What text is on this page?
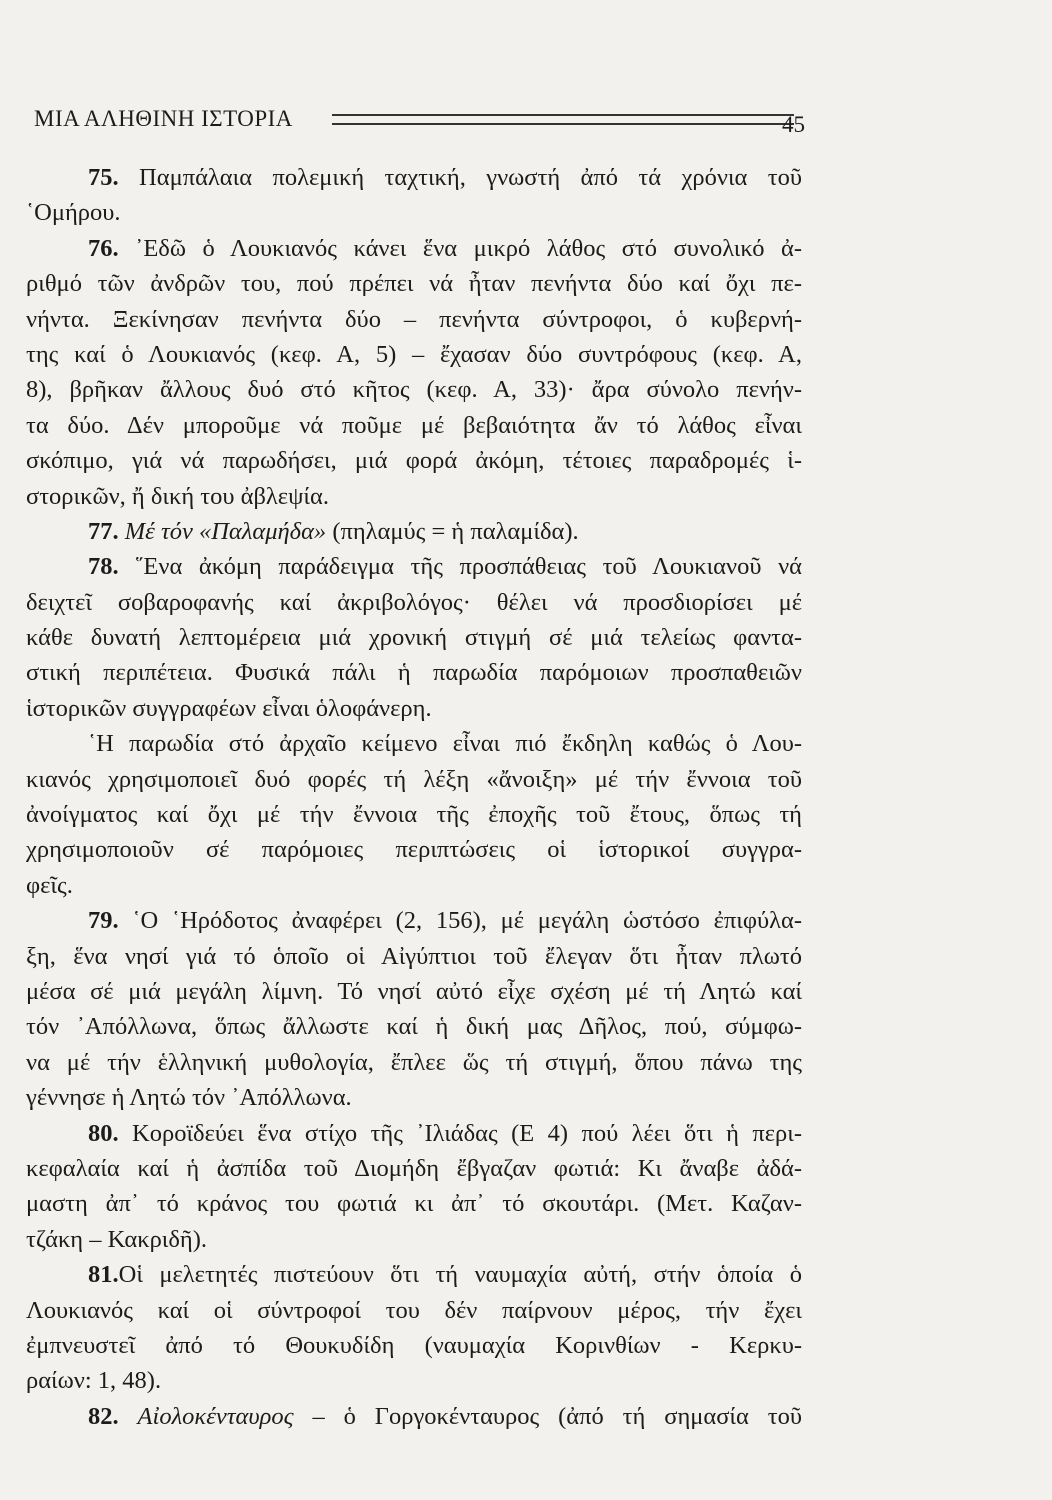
ΜΙΑ ΑΛΗΘΙΝΗ ΙΣΤΟΡΙΑ	45
75. Παμπάλαια πολεμική ταχτική, γνωστή ἀπό τά χρόνια τοῦ
῾Ομήρου.
76. ᾿Εδῶ ὁ Λουκιανός κάνει ἕνα μικρό λάθος στό συνολικό ἀ-
ριθμό τῶν ἀνδρῶν του, πού πρέπει νά ἦταν πενήντα δύο καί ὄχι πε-
νήντα. Ξεκίνησαν πενήντα δύο – πενήντα σύντροφοι, ὁ κυβερνή-
της καί ὁ Λουκιανός (κεφ. Α, 5) – ἔχασαν δύο συντρόφους (κεφ. Α,
8), βρῆκαν ἄλλους δυό στό κῆτος (κεφ. Α, 33)· ἄρα σύνολο πενήν-
τα δύο. Δέν μποροῦμε νά ποῦμε μέ βεβαιότητα ἄν τό λάθος εἶναι
σκόπιμο, γιά νά παρωδήσει, μιά φορά ἀκόμη, τέτοιες παραδρομές ἱ-
στορικῶν, ἤ δική του ἀβλεψία.
77. Μέ τόν «Παλαμήδα» (πηλαμύς = ἡ παλαμίδα).
78. ῞Ενα ἀκόμη παράδειγμα τῆς προσπάθειας τοῦ Λουκιανοῦ νά
δειχτεῖ σοβαροφανής καί ἀκριβολόγος· θέλει νά προσδιορίσει μέ
κάθε δυνατή λεπτομέρεια μιά χρονική στιγμή σέ μιά τελείως φαντα-
στική περιπέτεια. Φυσικά πάλι ἡ παρωδία παρόμοιων προσπαθειῶν
ἱστορικῶν συγγραφέων εἶναι ὁλοφάνερη.
῾Η παρωδία στό ἀρχαῖο κείμενο εἶναι πιό ἔκδηλη καθώς ὁ Λου-
κιανός χρησιμοποιεῖ δυό φορές τή λέξη «ἄνοιξη» μέ τήν ἔννοια τοῦ
ἀνοίγματος καί ὄχι μέ τήν ἔννοια τῆς ἐποχῆς τοῦ ἔτους, ὅπως τή
χρησιμοποιοῦν σέ παρόμοιες περιπτώσεις οἱ ἱστορικοί συγγρα-
φεῖς.
79. ῾Ο ῾Ηρόδοτος ἀναφέρει (2, 156), μέ μεγάλη ὡστόσο ἐπιφύλα-
ξη, ἕνα νησί γιά τό ὁποῖο οἱ Αἰγύπτιοι τοῦ ἔλεγαν ὅτι ἦταν πλωτό
μέσα σέ μιά μεγάλη λίμνη. Τό νησί αὐτό εἶχε σχέση μέ τή Λητώ καί
τόν ᾿Απόλλωνα, ὅπως ἄλλωστε καί ἡ δική μας Δῆλος, πού, σύμφω-
να μέ τήν ἑλληνική μυθολογία, ἔπλεε ὥς τή στιγμή, ὅπου πάνω της
γέννησε ἡ Λητώ τόν ᾿Απόλλωνα.
80. Κοροϊδεύει ἕνα στίχο τῆς ᾿Ιλιάδας (Ε 4) πού λέει ὅτι ἡ περι-
κεφαλαία καί ἡ ἀσπίδα τοῦ Διομήδη ἔβγαζαν φωτιά: Κι ἄναβε ἀδά-
μαστη ἀπ᾿ τό κράνος του φωτιά κι ἀπ᾿ τό σκουτάρι. (Μετ. Καζαν-
τζάκη – Κακριδῆ).
81.Οἱ μελετητές πιστεύουν ὅτι τή ναυμαχία αὐτή, στήν ὁποία ὁ
Λουκιανός καί οἱ σύντροφοί του δέν παίρνουν μέρος, τήν ἔχει
ἐμπνευστεῖ ἀπό τό Θουκυδίδη (ναυμαχία Κορινθίων - Κερκυ-
ραίων: 1, 48).
82. Αἰολοκένταυρος – ὁ Γοργοκένταυρος (ἀπό τή σημασία τοῦ
